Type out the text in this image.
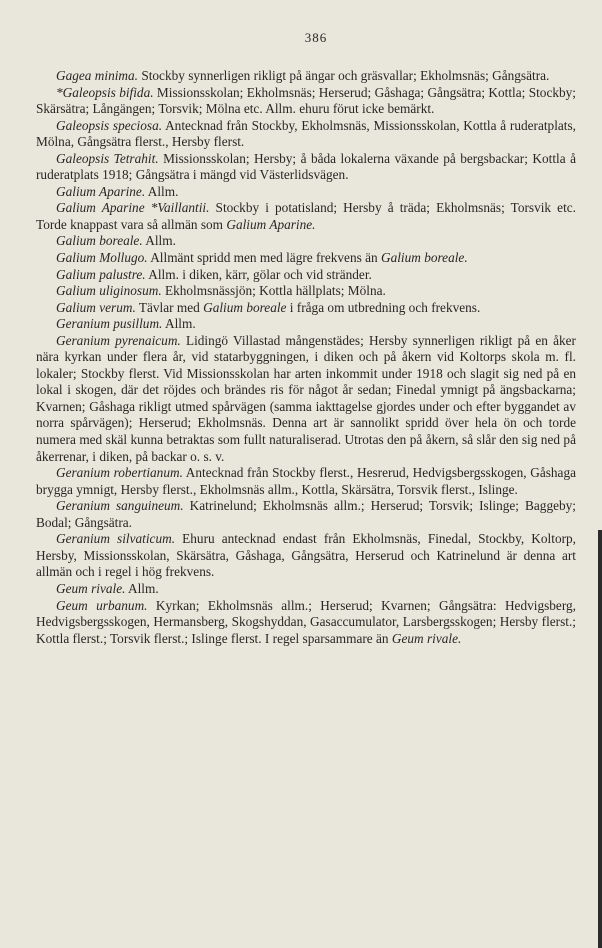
386

Gagea minima. Stockby synnerligen rikligt på ängar och gräsvallar; Ekholmsnäs; Gångsätra.

*Galeopsis bifida. Missionsskolan; Ekholmsnäs; Herserud; Gåshaga; Gångsätra; Kottla; Stockby; Skärsätra; Långängen; Torsvik; Mölna etc. Allm. ehuru förut icke bemärkt.

Galeopsis speciosa. Antecknad från Stockby, Ekholmsnäs, Missionsskolan, Kottla å ruderatplats, Mölna, Gångsätra flerst., Hersby flerst.

Galeopsis Tetrahit. Missionsskolan; Hersby; å båda lokalerna växande på bergsbackar; Kottla å ruderatplats 1918; Gångsätra i mängd vid Västerlidsvägen.

Galium Aparine. Allm.

Galium Aparine *Vaillantii. Stockby i potatisland; Hersby å träda; Ekholmsnäs; Torsvik etc. Torde knappast vara så allmän som Galium Aparine.

Galium boreale. Allm.

Galium Mollugo. Allmänt spridd men med lägre frekvens än Galium boreale.

Galium palustre. Allm. i diken, kärr, gölar och vid stränder.

Galium uliginosum. Ekholmsnässjön; Kottla hällplats; Mölna.

Galium verum. Tävlar med Galium boreale i fråga om utbredning och frekvens.

Geranium pusillum. Allm.

Geranium pyrenaicum. Lidingö Villastad mångenstädes; Hersby synnerligen rikligt på en åker nära kyrkan under flera år, vid statarbyggningen, i diken och på åkern vid Koltorps skola m. fl. lokaler; Stockby flerst. Vid Missionsskolan har arten inkommit under 1918 och slagit sig ned på en lokal i skogen, där det röjdes och brändes ris för något år sedan; Finedal ymnigt på ängsbackarna; Kvarnen; Gåshaga rikligt utmed spårvägen (samma iakttagelse gjordes under och efter byggandet av norra spårvägen); Herserud; Ekholmsnäs. Denna art är sannolikt spridd över hela ön och torde numera med skäl kunna betraktas som fullt naturaliserad. Utrotas den på åkern, så slår den sig ned på åkerrenar, i diken, på backar o. s. v.

Geranium robertianum. Antecknad från Stockby flerst., Hesrerud, Hedvigsbergsskogen, Gåshaga brygga ymnigt, Hersby flerst., Ekholmsnäs allm., Kottla, Skärsätra, Torsvik flerst., Islinge.

Geranium sanguineum. Katrinelund; Ekholmsnäs allm.; Herserud; Torsvik; Islinge; Baggeby; Bodal; Gångsätra.

Geranium silvaticum. Ehuru antecknad endast från Ekholmsnäs, Finedal, Stockby, Koltorp, Hersby, Missionsskolan, Skärsätra, Gåshaga, Gångsätra, Herserud och Katrinelund är denna art allmän och i regel i hög frekvens.

Geum rivale. Allm.

Geum urbanum. Kyrkan; Ekholmsnäs allm.; Herserud; Kvarnen; Gångsätra: Hedvigsberg, Hedvigsbergsskogen, Hermansberg, Skogshyddan, Gasaccumulator, Larsbergsskogen; Hersby flerst.; Kottla flerst.; Torsvik flerst.; Islinge flerst. I regel sparsammare än Geum rivale.
